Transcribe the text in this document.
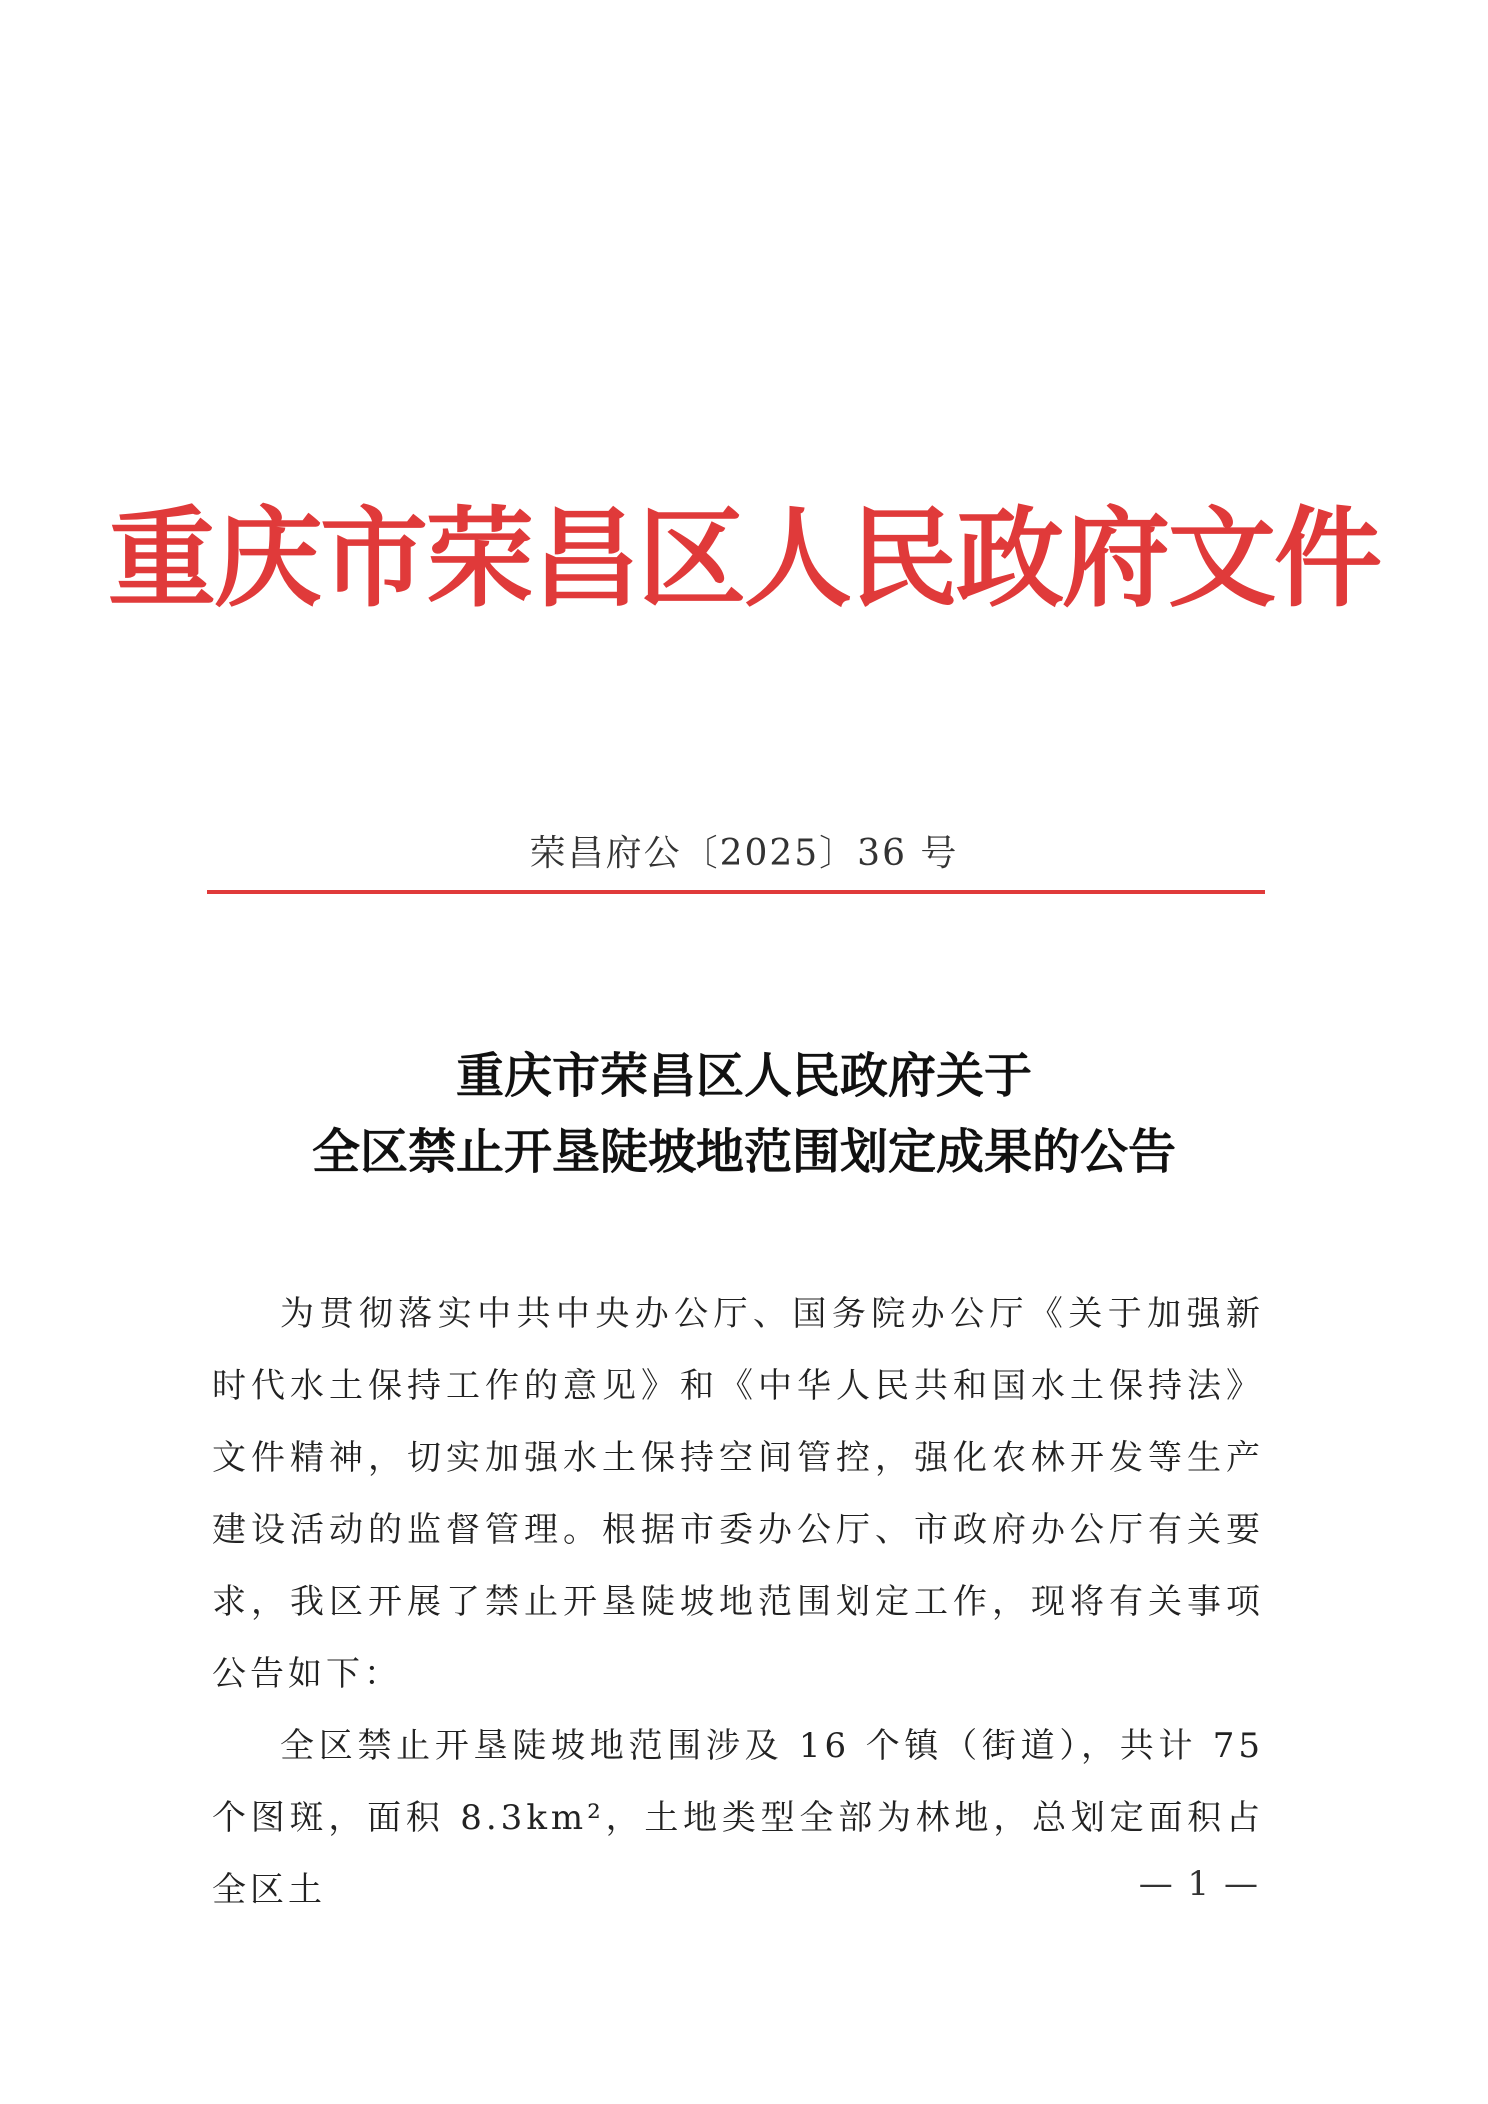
重庆市荣昌区人民政府文件
荣昌府公〔2025〕36 号
重庆市荣昌区人民政府关于
全区禁止开垦陡坡地范围划定成果的公告

为贯彻落实中共中央办公厅、国务院办公厅《关于加强新时代水土保持工作的意见》和《中华人民共和国水土保持法》文件精神，切实加强水土保持空间管控，强化农林开发等生产建设活动的监督管理。根据市委办公厅、市政府办公厅有关要求，我区开展了禁止开垦陡坡地范围划定工作，现将有关事项公告如下：

全区禁止开垦陡坡地范围涉及 16 个镇（街道），共计 75 个图斑，面积 8.3km²，土地类型全部为林地，总划定面积占全区土	— 1 —
